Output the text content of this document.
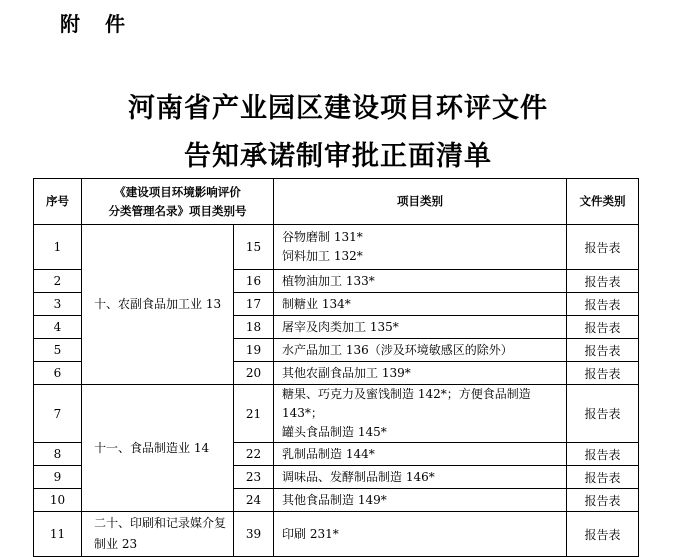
附 件
河南省产业园区建设项目环评文件
告知承诺制审批正面清单
序号	《建设项目环境影响评价
分类管理名录》项目类别号		项目类别	文件类别
1	十、农副食品加工业 13	15	谷物磨制 131*
饲料加工 132*	报告表
2		16	植物油加工 133*	报告表
3		17	制糖业 134*	报告表
4		18	屠宰及肉类加工 135*	报告表
5		19	水产品加工 136（涉及环境敏感区的除外）	报告表
6		20	其他农副食品加工 139*	报告表
7	十一、食品制造业 14	21	糖果、巧克力及蜜饯制造 142*；方便食品制造 143*；
罐头食品制造 145*	报告表
8		22	乳制品制造 144*	报告表
9		23	调味品、发酵制品制造 146*	报告表
10		24	其他食品制造 149*	报告表
11	二十、印刷和记录媒介复
制业 23	39	印刷 231*	报告表
